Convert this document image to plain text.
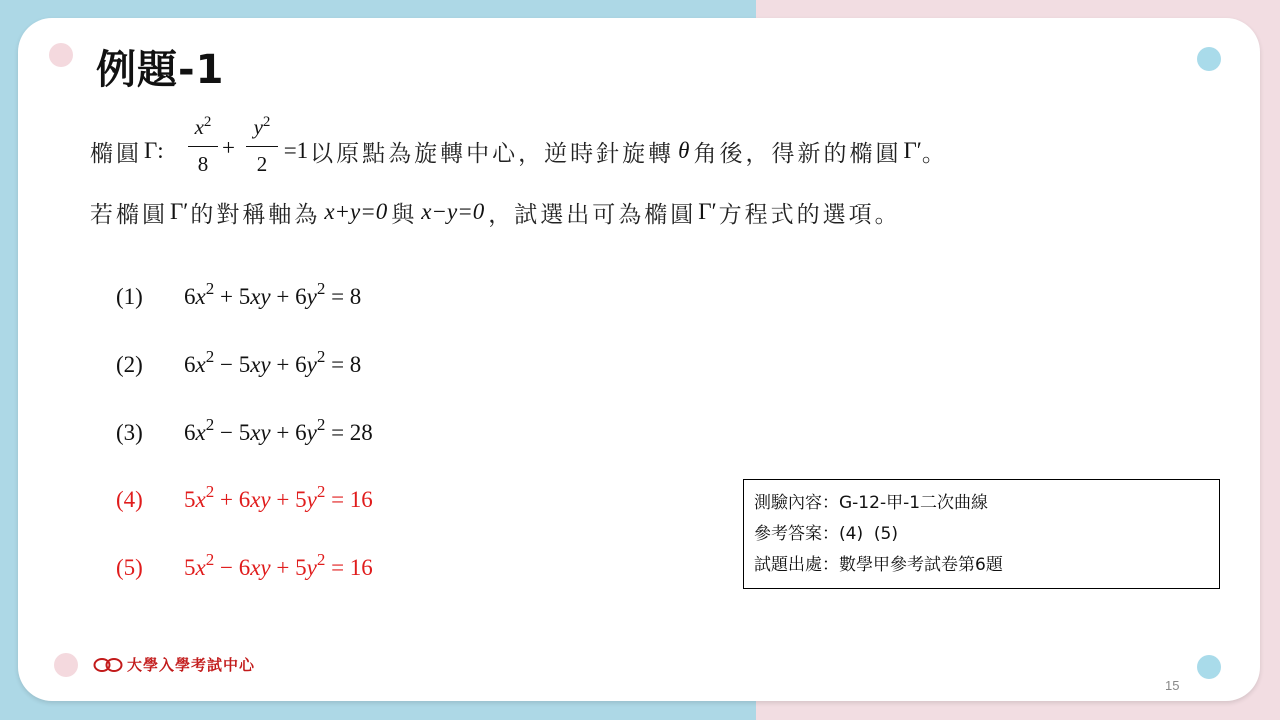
例題-1
橢圓 Γ:	=1 以原點為旋轉中心，逆時針旋轉 θ 角後，得新的橢圓 Γ′ 。
$x^2$
8
+
$y^2$
2
若橢圓 Γ′ 的對稱軸為 x+y=0 與 x−y=0 ，試選出可為橢圓 Γ′ 方程式的選項。
(1)	$6x^2 + 5xy + 6y^2 = 8$
(2)	$6x^2 - 5xy + 6y^2 = 8$
(3)	$6x^2 - 5xy + 6y^2 = 28$
(4)	$5x^2 + 6xy + 5y^2 = 16$
(5)	$5x^2 - 6xy + 5y^2 = 16$
測驗內容：G-12-甲-1二次曲線
參考答案：(4)  (5)
試題出處：數學甲參考試卷第6題
大學入學考試中心
15
